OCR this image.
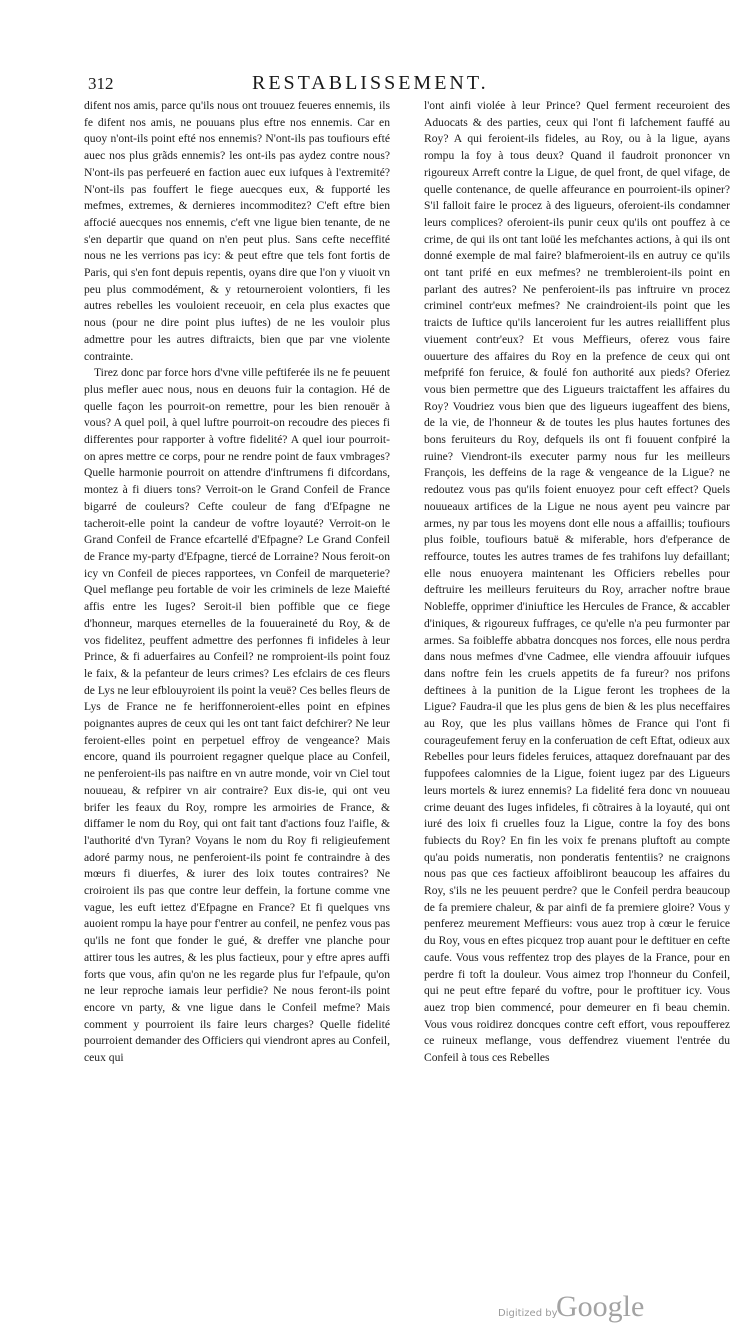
312	RESTABLISSEMENT.

difent nos amis, parce qu'ils nous ont trouuez feueres ennemis, ils fe difent nos amis, ne pouuans plus eftre nos ennemis. Car en quoy n'ont-ils point efté nos ennemis? N'ont-ils pas toufiours efté auec nos plus grãds ennemis? les ont-ils pas aydez contre nous? N'ont-ils pas perfeueré en faction auec eux iufques à l'extremité? N'ont-ils pas fouffert le fiege auecques eux, & fupporté les mefmes, extremes, & dernieres incommoditez? C'eft eftre bien affocié auecques nos ennemis, c'eft vne ligue bien tenante, de ne s'en departir que quand on n'en peut plus. Sans cefte neceffité nous ne les verrions pas icy: & peut eftre que tels font fortis de Paris, qui s'en font depuis repentis, oyans dire que l'on y viuoit vn peu plus commodément, & y retourneroient volontiers, fi les autres rebelles les vouloient receuoir, en cela plus exactes que nous (pour ne dire point plus iuftes) de ne les vouloir plus admettre pour les autres diftraicts, bien que par vne violente contrainte.

Tirez donc par force hors d'vne ville peftiferée ils ne fe peuuent plus mefler auec nous, nous en deuons fuir la contagion. Hé de quelle façon les pourroit-on remettre, pour les bien renouër à vous? A quel poil, à quel luftre pourroit-on recoudre des pieces fi differentes pour rapporter à voftre fidelité? A quel iour pourroit-on apres mettre ce corps, pour ne rendre point de faux vmbrages? Quelle harmonie pourroit on attendre d'inftrumens fi difcordans, montez à fi diuers tons? Verroit-on le Grand Confeil de France bigarré de couleurs? Cefte couleur de fang d'Efpagne ne tacheroit-elle point la candeur de voftre loyauté? Verroit-on le Grand Confeil de France efcartellé d'Efpagne? Le Grand Confeil de France my-party d'Efpagne, tiercé de Lorraine? Nous feroit-on icy vn Confeil de pieces rapportees, vn Confeil de marqueterie? Quel meflange peu fortable de voir les criminels de leze Maiefté affis entre les Iuges? Seroit-il bien poffible que ce fiege d'honneur, marques eternelles de la fouueraineté du Roy, & de vos fidelitez, peuffent admettre des perfonnes fi infideles à leur Prince, & fi aduerfaires au Confeil? ne romproient-ils point fouz le faix, & la pefanteur de leurs crimes? Les efclairs de ces fleurs de Lys ne leur efblouyroient ils point la veuë? Ces belles fleurs de Lys de France ne fe heriffonneroient-elles point en efpines poignantes aupres de ceux qui les ont tant faict defchirer? Ne leur feroient-elles point en perpetuel effroy de vengeance? Mais encore, quand ils pourroient regagner quelque place au Confeil, ne penferoient-ils pas naiftre en vn autre monde, voir vn Ciel tout nouueau, & refpirer vn air contraire? Eux dis-ie, qui ont veu brifer les feaux du Roy, rompre les armoiries de France, & diffamer le nom du Roy, qui ont fait tant d'actions fouz l'aifle, & l'authorité d'vn Tyran? Voyans le nom du Roy fi religieufement adoré parmy nous, ne penferoient-ils point fe contraindre à des mœurs fi diuerfes, & iurer des loix toutes contraires? Ne croiroient ils pas que contre leur deffein, la fortune comme vne vague, les euft iettez d'Efpagne en France? Et fi quelques vns auoient rompu la haye pour f'entrer au confeil, ne penfez vous pas qu'ils ne font que fonder le gué, & dreffer vne planche pour attirer tous les autres, & les plus factieux, pour y eftre apres auffi forts que vous, afin qu'on ne les regarde plus fur l'efpaule, qu'on ne leur reproche iamais leur perfidie? Ne nous feront-ils point encore vn party, & vne ligue dans le Confeil mefme? Mais comment y pourroient ils faire leurs charges? Quelle fidelité pourroient demander des Officiers qui viendront apres au Confeil, ceux qui

l'ont ainfi violée à leur Prince? Quel ferment receuroient des Aduocats & des parties, ceux qui l'ont fi lafchement fauffé au Roy? A qui feroient-ils fideles, au Roy, ou à la ligue, ayans rompu la foy à tous deux? Quand il faudroit prononcer vn rigoureux Arreft contre la Ligue, de quel front, de quel vifage, de quelle contenance, de quelle affeurance en pourroient-ils opiner? S'il falloit faire le procez à des ligueurs, oferoient-ils condamner leurs complices? oferoient-ils punir ceux qu'ils ont pouffez à ce crime, de qui ils ont tant loüé les mefchantes actions, à qui ils ont donné exemple de mal faire? blafmeroient-ils en autruy ce qu'ils ont tant prifé en eux mefmes? ne trembleroient-ils point en parlant des autres? Ne penferoient-ils pas inftruire vn procez criminel contr'eux mefmes? Ne craindroient-ils point que les traicts de Iuftice qu'ils lanceroient fur les autres reialliffent plus viuement contr'eux? Et vous Meffieurs, oferez vous faire ouuerture des affaires du Roy en la prefence de ceux qui ont mefprifé fon feruice, & foulé fon authorité aux pieds? Oferiez vous bien permettre que des Ligueurs traictaffent les affaires du Roy? Voudriez vous bien que des ligueurs iugeaffent des biens, de la vie, de l'honneur & de toutes les plus hautes fortunes des bons feruiteurs du Roy, defquels ils ont fi fouuent confpiré la ruine? Viendront-ils executer parmy nous fur les meilleurs François, les deffeins de la rage & vengeance de la Ligue? ne redoutez vous pas qu'ils foient enuoyez pour ceft effect? Quels nouueaux artifices de la Ligue ne nous ayent peu vaincre par armes, ny par tous les moyens dont elle nous a affaillis; toufiours plus foible, toufiours batuë & miferable, hors d'efperance de reffource, toutes les autres trames de fes trahifons luy defaillant; elle nous enuoyera maintenant les Officiers rebelles pour deftruire les meilleurs feruiteurs du Roy, arracher noftre braue Nobleffe, opprimer d'iniuftice les Hercules de France, & accabler d'iniques, & rigoureux fuffrages, ce qu'elle n'a peu furmonter par armes. Sa foibleffe abbatra doncques nos forces, elle nous perdra dans nous mefmes d'vne Cadmee, elle viendra affouuir iufques dans noftre fein les cruels appetits de fa fureur? nos prifons deftinees à la punition de la Ligue feront les trophees de la Ligue? Faudra-il que les plus gens de bien & les plus neceffaires au Roy, que les plus vaillans hõmes de France qui l'ont fi courageufement feruy en la conferuation de ceft Eftat, odieux aux Rebelles pour leurs fideles feruices, attaquez dorefnauant par des fuppofees calomnies de la Ligue, foient iugez par des Ligueurs leurs mortels & iurez ennemis? La fidelité fera donc vn nouueau crime deuant des Iuges infideles, fi cõtraires à la loyauté, qui ont iuré des loix fi cruelles fouz la Ligue, contre la foy des bons fubiects du Roy? En fin les voix fe prenans pluftoft au compte qu'au poids numeratis, non ponderatis fententiis? ne craignons nous pas que ces factieux affoibliront beaucoup les affaires du Roy, s'ils ne les peuuent perdre? que le Confeil perdra beaucoup de fa premiere chaleur, & par ainfi de fa premiere gloire? Vous y penferez meurement Meffieurs: vous auez trop à cœur le feruice du Roy, vous en eftes picquez trop auant pour le deftituer en cefte caufe. Vous vous reffentez trop des playes de la France, pour en perdre fi toft la douleur. Vous aimez trop l'honneur du Confeil, qui ne peut eftre feparé du voftre, pour le proftituer icy. Vous auez trop bien commencé, pour demeurer en fi beau chemin. Vous vous roidirez doncques contre ceft effort, vous repoufferez ce ruineux meflange, vous deffendrez viuement l'entrée du Confeil à tous ces Rebelles

Digitized by
Google
